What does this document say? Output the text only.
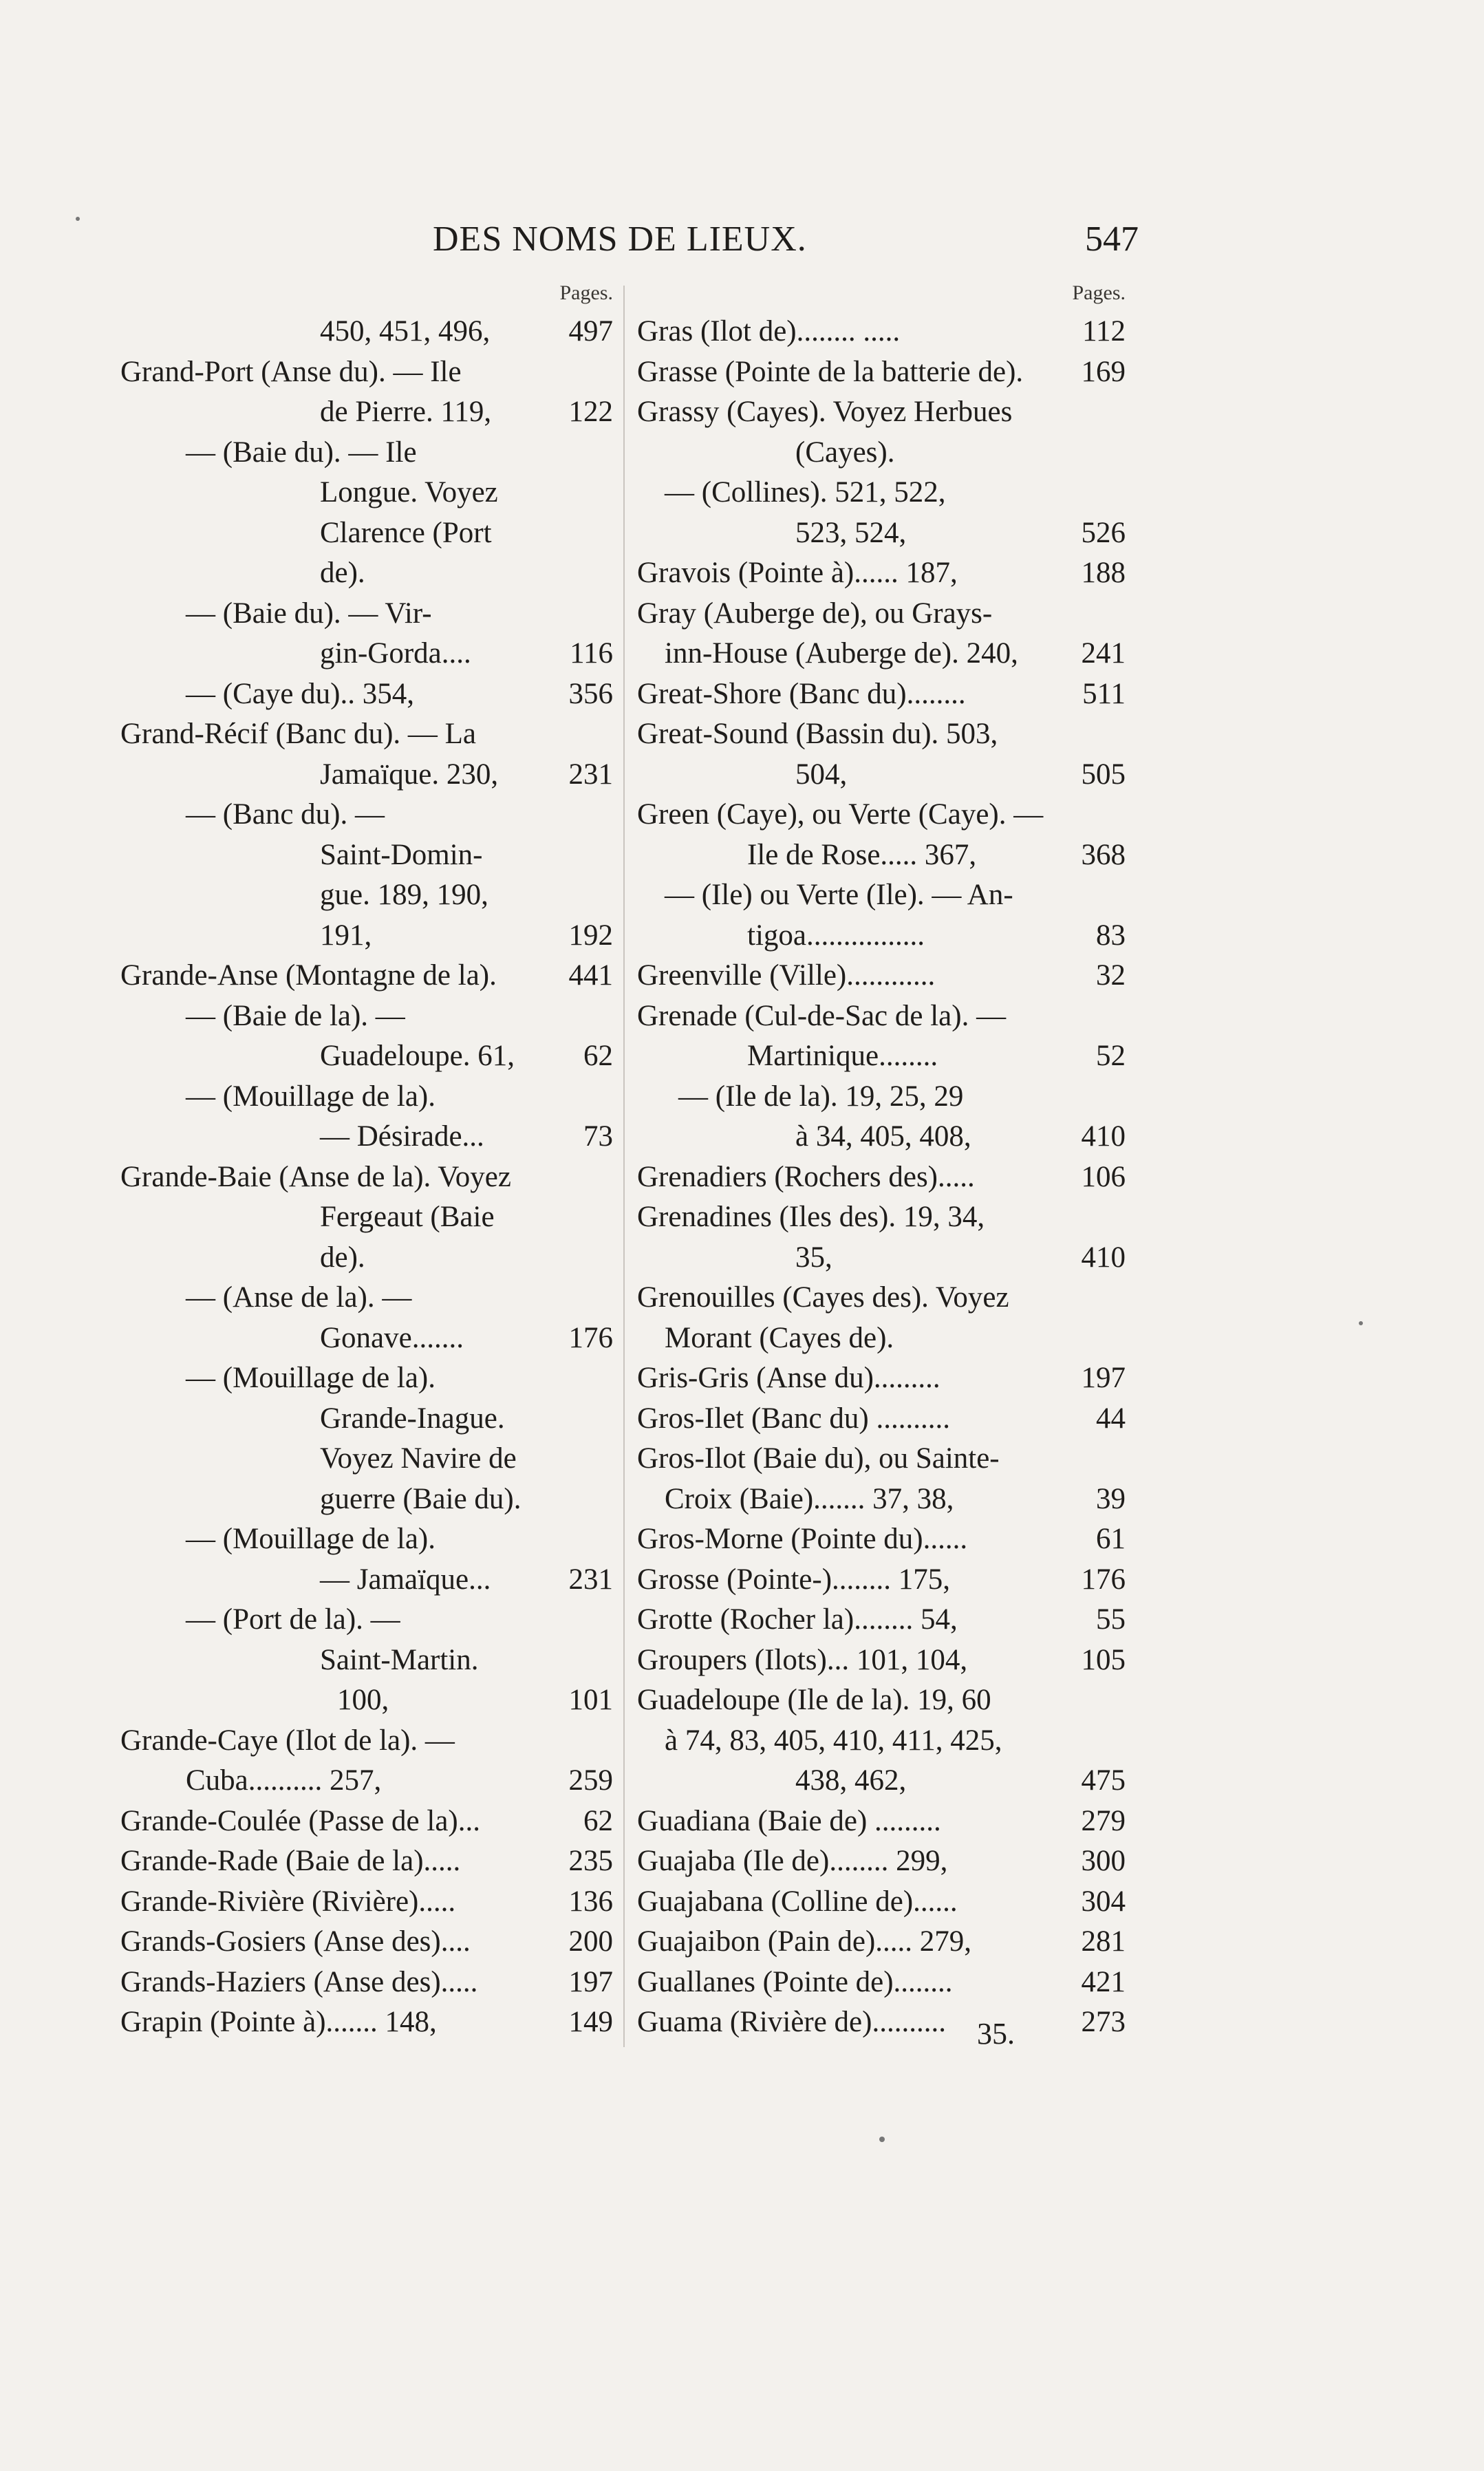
DES NOMS DE LIEUX.	547
Pages.
450, 451, 496,	497
Grand-Port (Anse du). — Ile
de Pierre. 119,	122
— (Baie du). — Ile
Longue. Voyez
Clarence (Port
de).
— (Baie du). — Vir-
gin-Gorda....	116
— (Caye du).. 354,	356
Grand-Récif (Banc du). — La
Jamaïque. 230,	231
— (Banc du). —
Saint-Domin-
gue. 189, 190,
191,	192
Grande-Anse (Montagne de la).	441
— (Baie de la). —
Guadeloupe. 61,	62
— (Mouillage de la).
— Désirade...	73
Grande-Baie (Anse de la). Voyez
Fergeaut (Baie
de).
— (Anse de la). —
Gonave.......	176
— (Mouillage de la).
Grande-Inague.
Voyez Navire de
guerre (Baie du).
— (Mouillage de la).
— Jamaïque...	231
— (Port de la). —
Saint-Martin.
100,	101
Grande-Caye (Ilot de la). —
Cuba.......... 257,	259
Grande-Coulée (Passe de la)...	62
Grande-Rade (Baie de la).....	235
Grande-Rivière (Rivière).....	136
Grands-Gosiers (Anse des)....	200
Grands-Haziers (Anse des).....	197
Grapin (Pointe à)....... 148,	149
Pages.
Gras (Ilot de)........ .....	112
Grasse (Pointe de la batterie de).	169
Grassy (Cayes). Voyez Herbues
(Cayes).
— (Collines). 521, 522,
523, 524,	526
Gravois (Pointe à)...... 187,	188
Gray (Auberge de), ou Grays-
inn-House (Auberge de). 240,	241
Great-Shore (Banc du)........	511
Great-Sound (Bassin du). 503,
504,	505
Green (Caye), ou Verte (Caye). —
Ile de Rose..... 367,	368
— (Ile) ou Verte (Ile). — An-
tigoa................	83
Greenville (Ville)............	32
Grenade (Cul-de-Sac de la). —
Martinique........	52
— (Ile de la). 19, 25, 29
à 34, 405, 408,	410
Grenadiers (Rochers des).....	106
Grenadines (Iles des). 19, 34,
35,	410
Grenouilles (Cayes des). Voyez
Morant (Cayes de).
Gris-Gris (Anse du).........	197
Gros-Ilet (Banc du) ..........	44
Gros-Ilot (Baie du), ou Sainte-
Croix (Baie)....... 37, 38,	39
Gros-Morne (Pointe du)......	61
Grosse (Pointe-)........ 175,	176
Grotte (Rocher la)........ 54,	55
Groupers (Ilots)... 101, 104,	105
Guadeloupe (Ile de la). 19, 60
à 74, 83, 405, 410, 411, 425,
438, 462,	475
Guadiana (Baie de) .........	279
Guajaba (Ile de)........ 299,	300
Guajabana (Colline de)......	304
Guajaibon (Pain de)..... 279,	281
Guallanes (Pointe de)........	421
Guama (Rivière de)..........	273
35.
